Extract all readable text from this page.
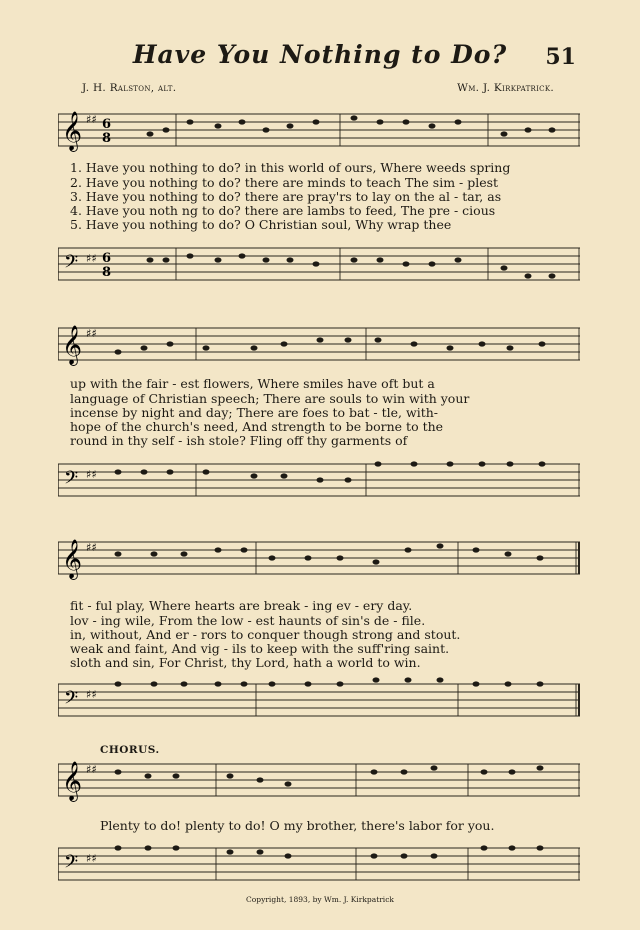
Have You Nothing to Do?	51
J. H. Ralston, alt.	Wm. J. Kirkpatrick.
𝄞 ♯♯ 6
8
1. Have you nothing to do? in this world of ours, Where weeds spring
2. Have you nothing to do? there are minds to teach The sim - plest
3. Have you nothing to do? there are pray'rs to lay on the al - tar, as
4. Have you noth ng to do? there are lambs to feed, The pre - cious
5. Have you nothing to do? O Christian soul, Why wrap thee
𝄢 ♯♯ 6
8
𝄞 ♯♯
up with the fair - est flowers, Where smiles have oft but a
language of Christian speech; There are souls to win with your
incense by night and day; There are foes to bat - tle, with-
hope of the church's need, And strength to be borne to the
round in thy self - ish stole? Fling off thy garments of
𝄢 ♯♯
𝄞 ♯♯
fit - ful play, Where hearts are break - ing ev - ery day.
lov - ing wile, From the low - est haunts of sin's de - file.
in, without, And er - rors to conquer though strong and stout.
weak and faint, And vig - ils to keep with the suff'ring saint.
sloth and sin, For Christ, thy Lord, hath a world to win.
𝄢 ♯♯
CHORUS.
𝄞 ♯♯
Plenty to do! plenty to do! O my brother, there's labor for you.
𝄢 ♯♯
Copyright, 1893, by Wm. J. Kirkpatrick
